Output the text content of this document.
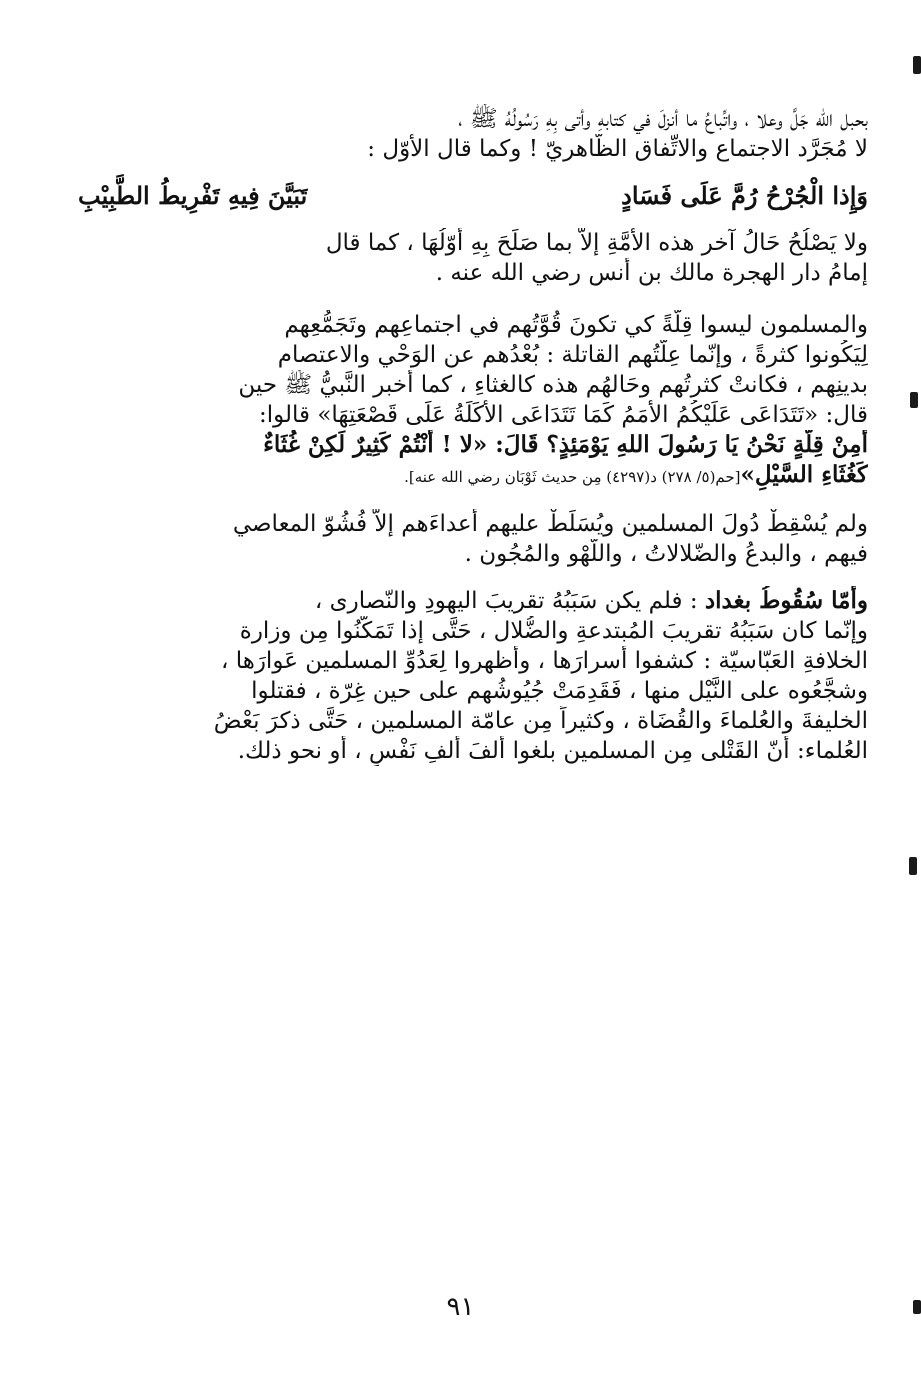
بحبل الله جَلَّ وعلا ، واتِّباعُ ما أنزلَ في كتابهِ وأتى بِهِ رَسُولُهُ ﷺ ،

لا مُجَرَّد الاجتماع والاتِّفاق الظّاهريّ ! وكما قال الأوّل :

وَإِذا الْجُرْحُ رُمَّ عَلَى فَسَادٍ
تَبَيَّنَ فِيهِ تَفْرِيطُ الطَّبِيْبِ

ولا يَصْلُحُ حَالُ آخر هذه الأُمَّةِ إلاّ بما صَلَحَ بِهِ أوّلُهَا ، كما قال

إمامُ دار الهجرة مالك بن أنس رضي الله عنه .

والمسلمون ليسوا قِلَّةً كي تكونَ قُوَّتُهم في اجتماعِهم وتَجَمُّعِهم

لِيَكُونوا كثرةً ، وإنّما عِلَّتُهم القاتلة : بُعْدُهم عن الوَحْي والاعتصام

بدينِهم ، فكانتْ كثرتُهم وحَالهُم هذه كالغثاءِ ، كما أخبر النَّبيُّ ﷺ حين

قال: «تَتَدَاعَى عَلَيْكُمُ الأُمَمُ كَمَا تَتَدَاعَى الأَكَلَةُ عَلَى قَصْعَتِهَا» قالوا:

أَمِنْ قِلَّةٍ نَحْنُ يَا رَسُولَ اللهِ يَوْمَئِذٍ؟ قَالَ: «لا ! أَنْتُمْ كَثِيرٌ لَكِنْ غُثَاءٌ

كَغُثَاءِ السَّيْلِ»[حم(٥/ ٢٧٨) د(٤٢٩٧) مِن حديث ثَوْبَان رضي الله عنه].

ولم يُسْقِطْ دُولَ المسلمين ويُسَلِّطْ عليهم أعداءَهم إلاّ فُشُوّ المعاصي

فيهم ، والبدعُ والضّلالاتُ ، واللَّهْو والمُجُون .

وأمّا سُقُوطُ بغداد : فلم يكن سَبَبُهُ تقريبَ اليهودِ والنّصارى ،

وإنّما كان سَبَبُهُ تقريبَ المُبتدعةِ والضُّلال ، حَتَّى إذا تَمَكَّنُوا مِن وزارة

الخلافةِ العَبّاسيّة : كشفوا أسرارَها ، وأظهروا لِعَدُوِّ المسلمين عَوارَها ،

وشجَّعُوه على النَّيْل منها ، فَقَدِمَتْ جُيُوشُهم على حين غِرّة ، فقتلوا

الخليفةَ والعُلماءَ والقُضَاة ، وكثيراً مِن عامّة المسلمين ، حَتَّى ذكرَ بَعْضُ

العُلماء: أنّ القَتْلى مِن المسلمين بلغوا ألفَ ألفِ نَفْسٍ ، أو نحو ذلك.

٩١
